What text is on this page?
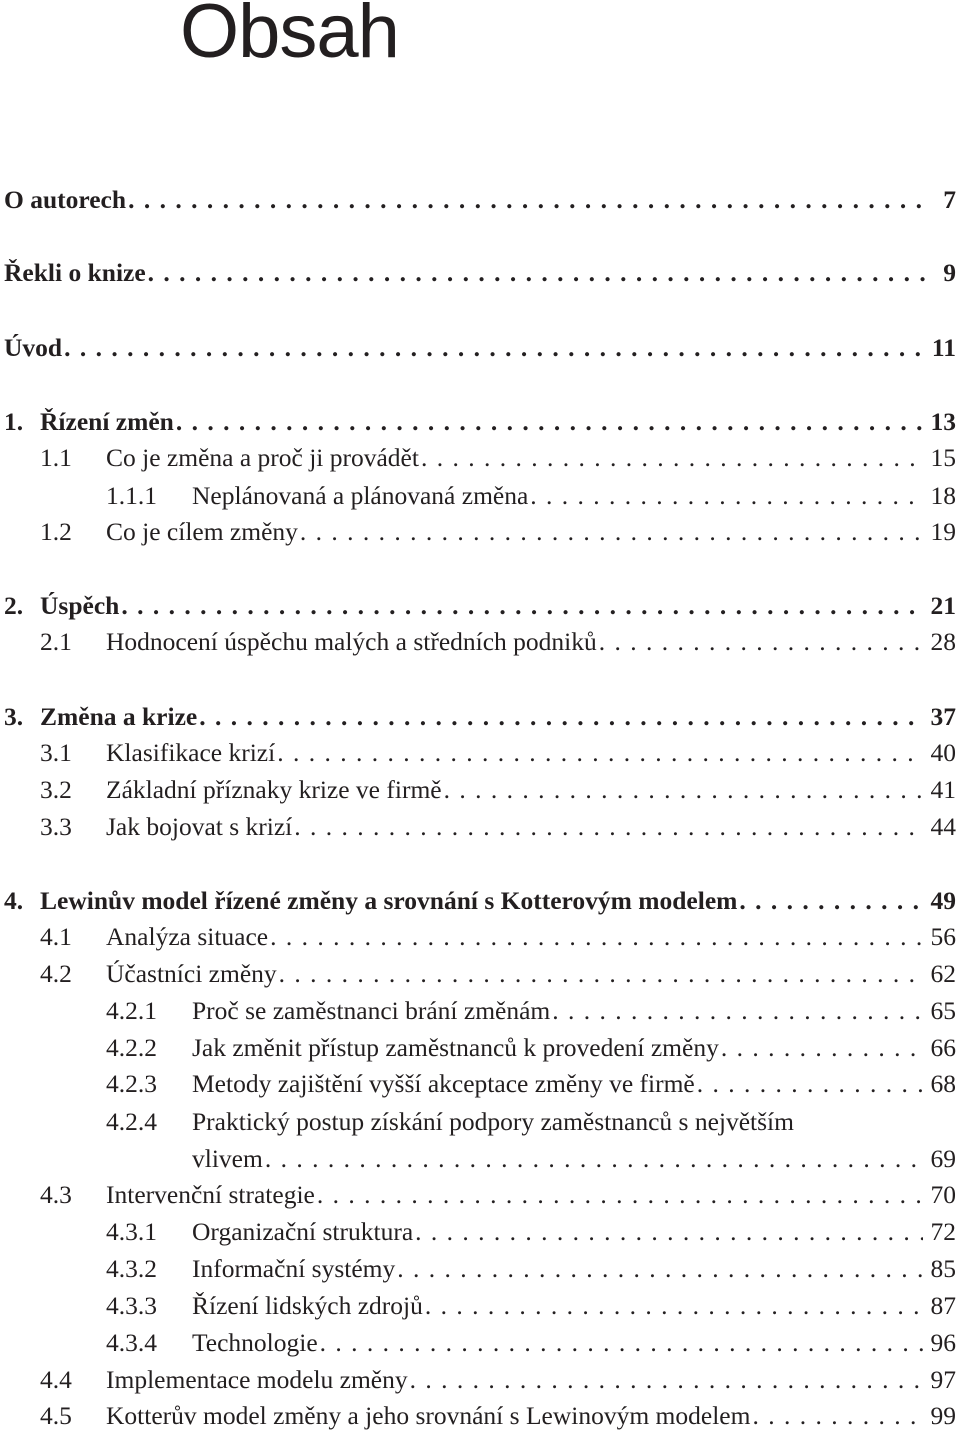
Obsah
O autorech . . .	7
Řekli o knize . . .	9
Úvod . . .	11
1. Řízení změn . . .	13
1.1	Co je změna a proč ji provádět . . .	15
1.1.1	Neplánovaná a plánovaná změna . . .	18
1.2	Co je cílem změny . . .	19
2. Úspěch . . .	21
2.1	Hodnocení úspěchu malých a středních podniků . . .	28
3. Změna a krize . . .	37
3.1	Klasifikace krizí . . .	40
3.2	Základní příznaky krize ve firmě . . .	41
3.3	Jak bojovat s krizí . . .	44
4. Lewinův model řízené změny a srovnání s Kotterovým modelem . . .	49
4.1	Analýza situace . . .	56
4.2	Účastníci změny . . .	62
4.2.1	Proč se zaměstnanci brání změnám . . .	65
4.2.2	Jak změnit přístup zaměstnanců k provedení změny . . .	66
4.2.3	Metody zajištění vyšší akceptace změny ve firmě . . .	68
4.2.4 Praktický postup získání podpory zaměstnanců s největším
vlivem . . .	69
4.3	Intervenční strategie . . .	70
4.3.1	Organizační struktura . . .	72
4.3.2	Informační systémy . . .	85
4.3.3	Řízení lidských zdrojů . . .	87
4.3.4	Technologie . . .	96
4.4	Implementace modelu změny . . .	97
4.5	Kotterův model změny a jeho srovnání s Lewinovým modelem . . .	99
